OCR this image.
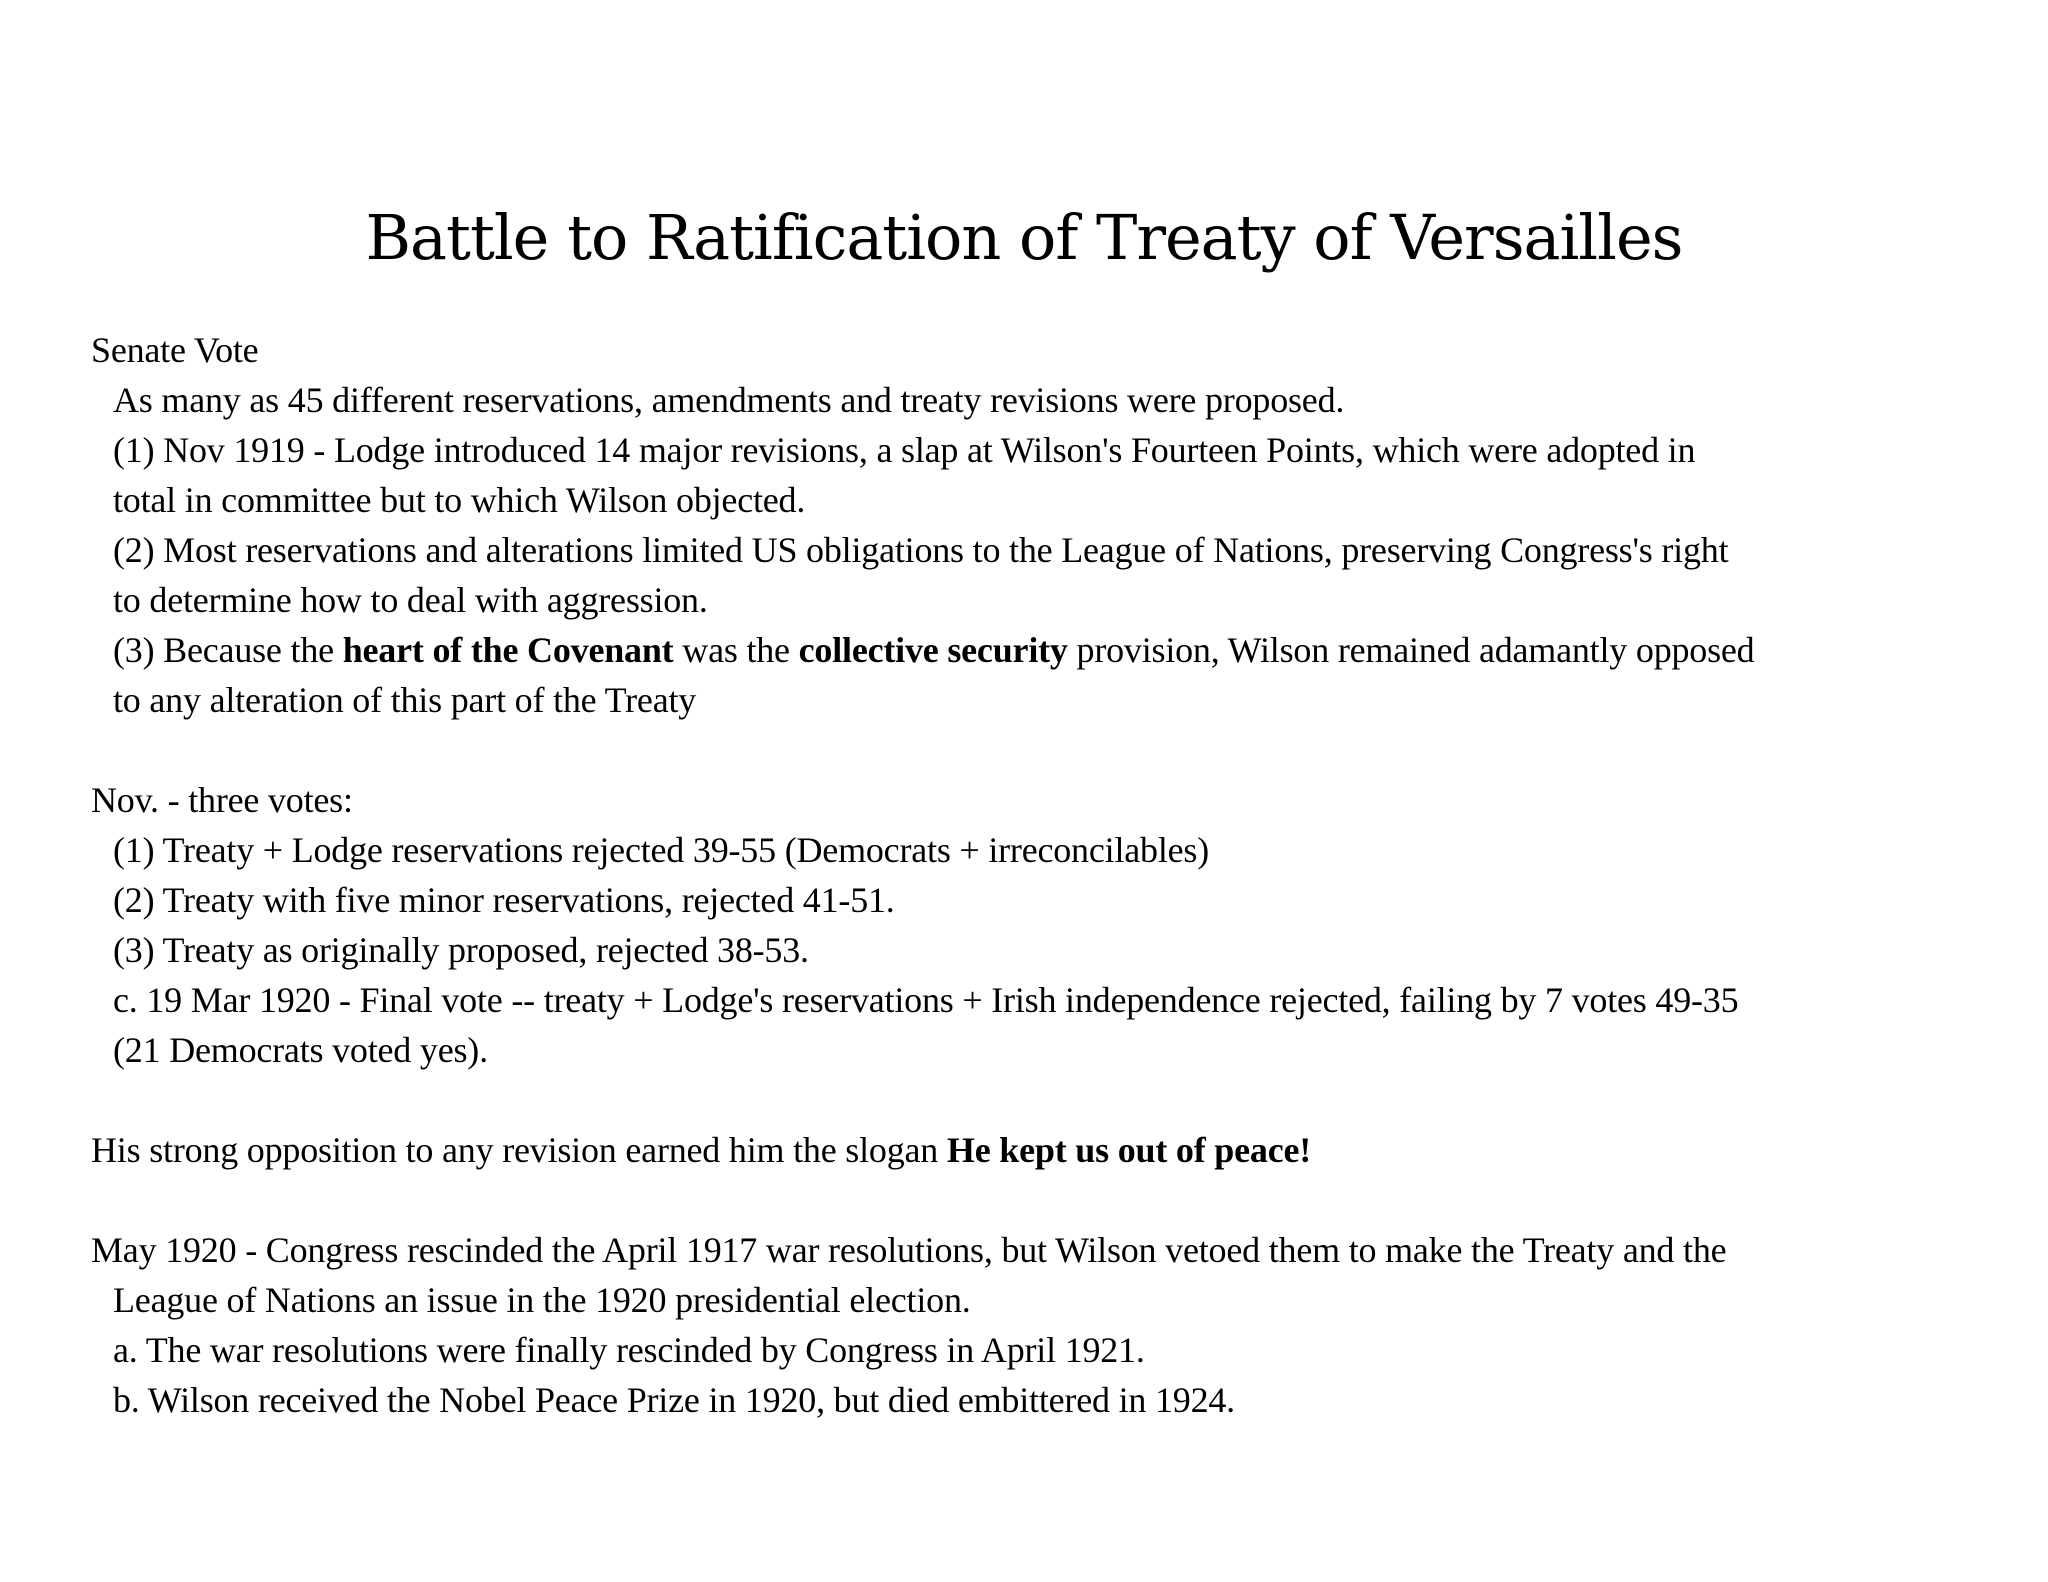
Battle to Ratification of Treaty of Versailles
Senate Vote
As many as 45 different reservations, amendments and treaty revisions were proposed.
(1) Nov 1919 - Lodge introduced 14 major revisions, a slap at Wilson's Fourteen Points, which were adopted in
total in committee but to which Wilson objected.
(2) Most reservations and alterations limited US obligations to the League of Nations, preserving Congress's right
to determine how to deal with aggression.
(3) Because the heart of the Covenant was the collective security provision, Wilson remained adamantly opposed
to any alteration of this part of the Treaty
Nov. - three votes:
(1) Treaty + Lodge reservations rejected 39-55 (Democrats + irreconcilables)
(2) Treaty with five minor reservations, rejected 41-51.
(3) Treaty as originally proposed, rejected 38-53.
c. 19 Mar 1920 - Final vote -- treaty + Lodge's reservations + Irish independence rejected, failing by 7 votes 49-35
(21 Democrats voted yes).
His strong opposition to any revision earned him the slogan He kept us out of peace!
May 1920 - Congress rescinded the April 1917 war resolutions, but Wilson vetoed them to make the Treaty and the
League of Nations an issue in the 1920 presidential election.
a. The war resolutions were finally rescinded by Congress in April 1921.
b. Wilson received the Nobel Peace Prize in 1920, but died embittered in 1924.
